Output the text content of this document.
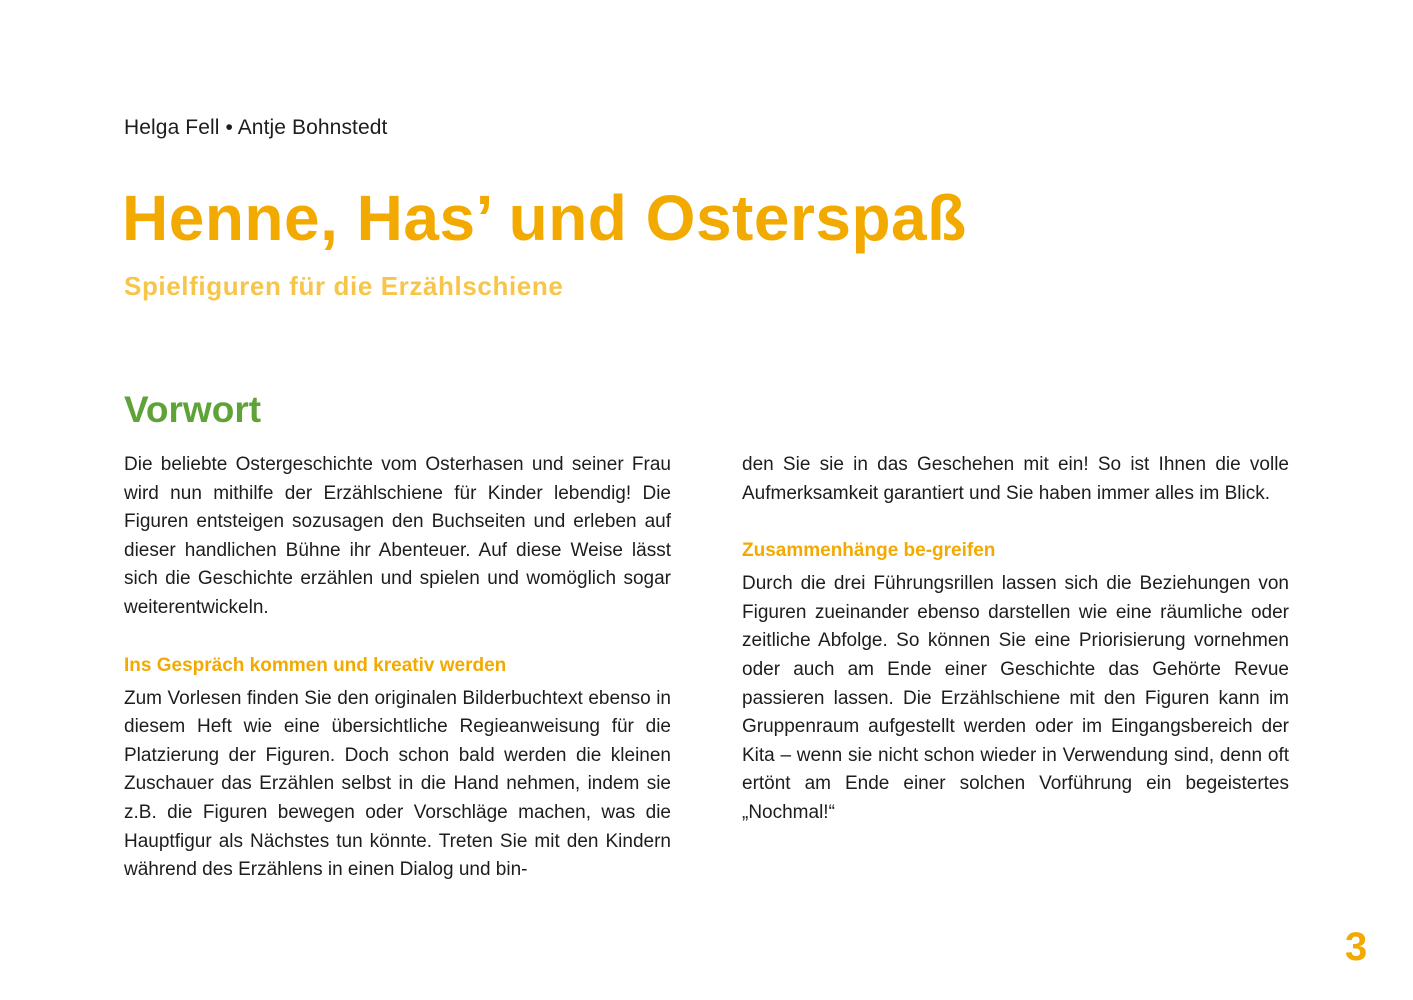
Helga Fell • Antje Bohnstedt
Henne, Has’ und Osterspaß
Spielfiguren für die Erzählschiene
Vorwort

Die beliebte Ostergeschichte vom Osterhasen und seiner Frau wird nun mithilfe der Erzählschiene für Kinder lebendig! Die Figuren entsteigen sozusagen den Buchseiten und erleben auf dieser handlichen Bühne ihr Abenteuer. Auf diese Weise lässt sich die Geschichte erzählen und spielen und womöglich sogar weiterentwickeln.

Ins Gespräch kommen und kreativ werden

Zum Vorlesen finden Sie den originalen Bilderbuchtext ebenso in diesem Heft wie eine übersichtliche Regieanweisung für die Platzierung der Figuren. Doch schon bald werden die kleinen Zuschauer das Erzählen selbst in die Hand nehmen, indem sie z.B. die Figuren bewegen oder Vorschläge machen, was die Hauptfigur als Nächstes tun könnte. Treten Sie mit den Kindern während des Erzählens in einen Dialog und bin-

den Sie sie in das Geschehen mit ein! So ist Ihnen die volle Aufmerksamkeit garantiert und Sie haben immer alles im Blick.

Zusammenhänge be-greifen

Durch die drei Führungsrillen lassen sich die Beziehungen von Figuren zueinander ebenso darstellen wie eine räumliche oder zeitliche Abfolge. So können Sie eine Priorisierung vornehmen oder auch am Ende einer Geschichte das Gehörte Revue passieren lassen. Die Erzählschiene mit den Figuren kann im Gruppenraum aufgestellt werden oder im Eingangsbereich der Kita – wenn sie nicht schon wieder in Verwendung sind, denn oft ertönt am Ende einer solchen Vorführung ein begeistertes „Nochmal!“

3
